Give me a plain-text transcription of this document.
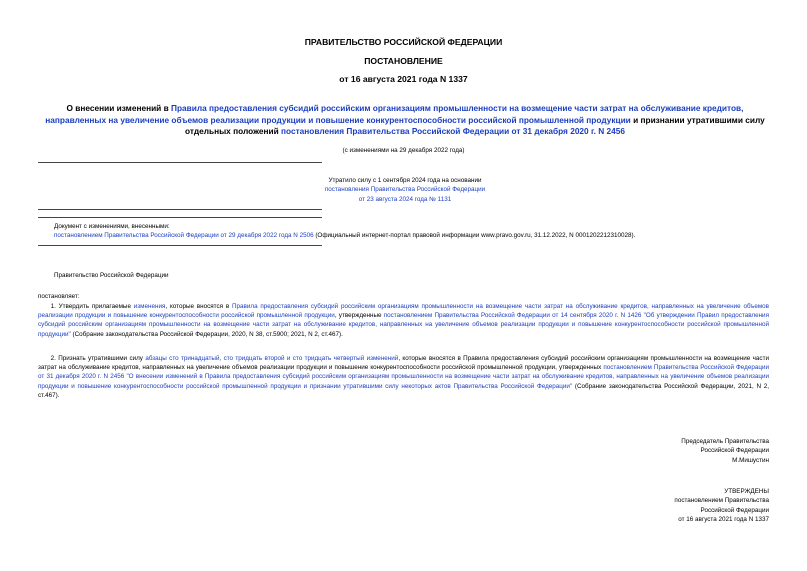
ПРАВИТЕЛЬСТВО РОССИЙСКОЙ ФЕДЕРАЦИИ
ПОСТАНОВЛЕНИЕ
от 16 августа 2021 года N 1337
О внесении изменений в Правила предоставления субсидий российским организациям промышленности на возмещение части затрат на обслуживание кредитов, направленных на увеличение объемов реализации продукции и повышение конкурентоспособности российской промышленной продукции и признании утратившими силу отдельных положений постановления Правительства Российской Федерации от 31 декабря 2020 г. N 2456
(с изменениями на 29 декабря 2022 года)
Утратило силу с 1 сентября 2024 года на основании
постановления Правительства Российской Федерации
от 23 августа 2024 года № 1131
Документ с изменениями, внесенными:
постановлением Правительства Российской Федерации от 29 декабря 2022 года N 2506 (Официальный интернет-портал правовой информации www.pravo.gov.ru, 31.12.2022, N 0001202212310028).
Правительство Российской Федерации
постановляет:
  1. Утвердить прилагаемые изменения, которые вносятся в Правила предоставления субсидий российским организациям промышленности на возмещение части затрат на обслуживание кредитов, направленных на увеличение объемов реализации продукции и повышение конкурентоспособности российской промышленной продукции, утвержденные постановлением Правительства Российской Федерации от 14 сентября 2020 г. N 1426 "Об утверждении Правил предоставления субсидий российским организациям промышленности на возмещение части затрат на обслуживание кредитов, направленных на увеличение объемов реализации продукции и повышение конкурентоспособности российской промышленной продукции" (Собрание законодательства Российской Федерации, 2020, N 38, ст.5900; 2021, N 2, ст.467).
  2. Признать утратившими силу абзацы сто тринадцатый, сто тридцать второй и сто тридцать четвертый изменений, которые вносятся в Правила предоставления субсидий российским организациям промышленности на возмещение части затрат на обслуживание кредитов, направленных на увеличение объемов реализации продукции и повышение конкурентоспособности российской промышленной продукции, утвержденных постановлением Правительства Российской Федерации от 31 декабря 2020 г. N 2456 "О внесении изменений в Правила предоставления субсидий российским организациям промышленности на возмещение части затрат на обслуживание кредитов, направленных на увеличение объемов реализации продукции и повышение конкурентоспособности российской промышленной продукции и признании утратившими силу некоторых актов Правительства Российской Федерации" (Собрание законодательства Российской Федерации, 2021, N 2, ст.467).
Председатель Правительства
Российской Федерации
М.Мишустин
УТВЕРЖДЕНЫ
постановлением Правительства
Российской Федерации
от 16 августа 2021 года N 1337
